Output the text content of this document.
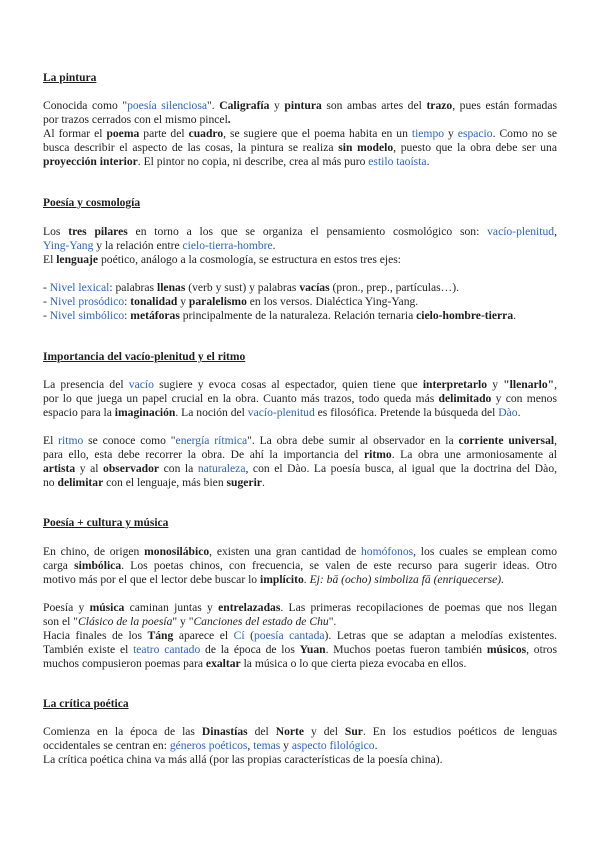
La pintura
Conocida como "poesía silenciosa". Caligrafía y pintura son ambas artes del trazo, pues están formadas
por trazos cerrados con el mismo pincel.
Al formar el poema parte del cuadro, se sugiere que el poema habita en un tiempo y espacio. Como no se
busca describir el aspecto de las cosas, la pintura se realiza sin modelo, puesto que la obra debe ser una
proyección interior. El pintor no copia, ni describe, crea al más puro estilo taoísta.
Poesía y cosmología
Los tres pilares en torno a los que se organiza el pensamiento cosmológico son: vacío-plenitud,
Ying-Yang y la relación entre cielo-tierra-hombre.
El lenguaje poético, análogo a la cosmología, se estructura en estos tres ejes:
- Nivel lexical: palabras llenas (verb y sust) y palabras vacías (pron., prep., partículas…).
- Nivel prosódico: tonalidad y paralelismo en los versos. Dialéctica Ying-Yang.
- Nivel simbólico: metáforas principalmente de la naturaleza. Relación ternaria cielo-hombre-tierra.
Importancia del vacío-plenitud y el ritmo
La presencia del vacío sugiere y evoca cosas al espectador, quien tiene que interpretarlo y "llenarlo",
por lo que juega un papel crucial en la obra. Cuanto más trazos, todo queda más delimitado y con menos
espacio para la imaginación. La noción del vacío-plenitud es filosófica. Pretende la búsqueda del Dào.
El ritmo se conoce como "energía rítmica". La obra debe sumir al observador en la corriente universal,
para ello, esta debe recorrer la obra. De ahí la importancia del ritmo. La obra une armoniosamente al
artista y al observador con la naturaleza, con el Dào. La poesía busca, al igual que la doctrina del Dào,
no delimitar con el lenguaje, más bien sugerir.
Poesía + cultura y música
En chino, de origen monosilábico, existen una gran cantidad de homófonos, los cuales se emplean como
carga simbólica. Los poetas chinos, con frecuencia, se valen de este recurso para sugerir ideas. Otro
motivo más por el que el lector debe buscar lo implícito. Ej: bā (ocho) simboliza fā (enriquecerse).
Poesía y música caminan juntas y entrelazadas. Las primeras recopilaciones de poemas que nos llegan
son el "Clásico de la poesía" y "Canciones del estado de Chu".
Hacia finales de los Táng aparece el Cí (poesía cantada). Letras que se adaptan a melodías existentes.
También existe el teatro cantado de la época de los Yuan. Muchos poetas fueron también músicos, otros
muchos compusieron poemas para exaltar la música o lo que cierta pieza evocaba en ellos.
La crítica poética
Comienza en la época de las Dinastías del Norte y del Sur. En los estudios poéticos de lenguas
occidentales se centran en: géneros poéticos, temas y aspecto filológico.
La crítica poética china va más allá (por las propias características de la poesía china).
